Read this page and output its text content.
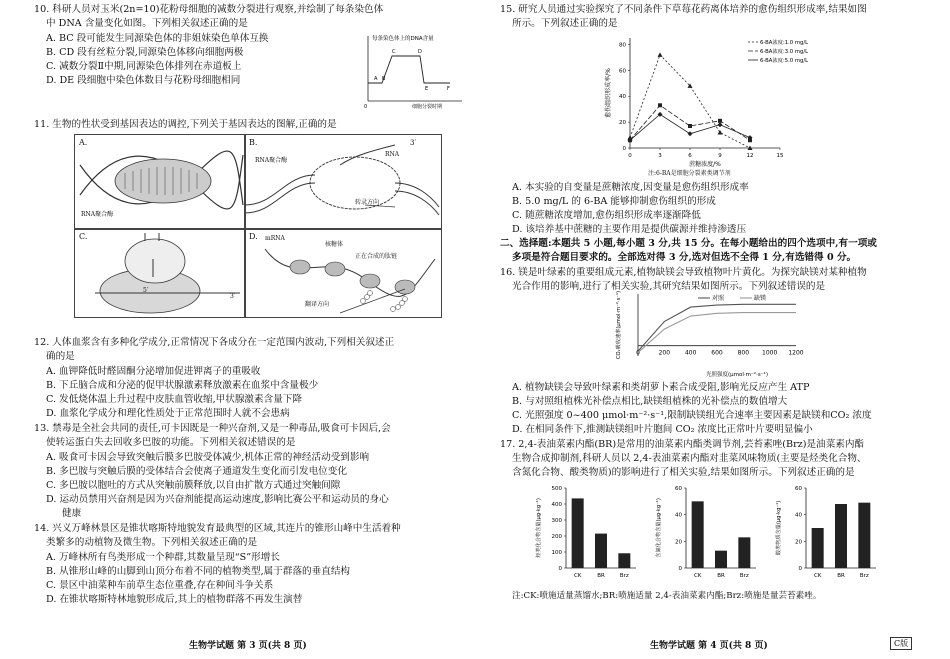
10. 科研人员对玉米(2n=10)花粉母细胞的减数分裂进行观察,并绘制了每条染色体
中 DNA 含量变化如图。下列相关叙述正确的是
A. BC 段可能发生同源染色体的非姐妹染色单体互换
B. CD 段有丝粒分裂,同源染色体移向细胞两极
C. 减数分裂Ⅱ中期,同源染色体排列在赤道板上
D. DE 段细胞中染色体数目与花粉母细胞相同
每条染色体上的DNA含量
细胞分裂时期
0
A B
C	D
E	F
11. 生物的性状受到基因表达的调控,下列关于基因表达的图解,正确的是
A.
RNA聚合酶
B.
RNA聚合酶
RNA
3′
转录方向
C.
5′
3′
D. mRNA
核糖体
正在合成的肽链
翻译方向
12. 人体血浆含有多种化学成分,正常情况下各成分在一定范围内波动,下列相关叙述正
确的是
A. 血钾降低时醛固酮分泌增加促进钾离子的重吸收
B. 下丘脑合成和分泌的促甲状腺激素释放激素在血浆中含量极少
C. 发低烧体温上升过程中皮肤血管收缩,甲状腺激素含量下降
D. 血浆化学成分和理化性质处于正常范围时人就不会患病
13. 禁毒是全社会共同的责任,可卡因既是一种兴奋剂,又是一种毒品,吸食可卡因后,会
使转运蛋白失去回收多巴胺的功能。下列相关叙述错误的是
A. 吸食可卡因会导致突触后膜多巴胺受体减少,机体正常的神经活动受到影响
B. 多巴胺与突触后膜的受体结合会使离子通道发生变化而引发电位变化
C. 多巴胺以胞吐的方式从突触前膜释放,以自由扩散方式通过突触间隙
D. 运动员禁用兴奋剂是因为兴奋剂能提高运动速度,影响比赛公平和运动员的身心
健康
14. 兴义万峰林景区是锥状喀斯特地貌发育最典型的区域,其连片的锥形山峰中生活着种
类繁多的动植物及微生物。下列相关叙述正确的是
A. 万峰林所有鸟类形成一个种群,其数量呈现“S”形增长
B. 从锥形山峰的山脚到山顶分布着不同的植物类型,属于群落的垂直结构
C. 景区中油菜种车前草生态位重叠,存在种间斗争关系
D. 在锥状喀斯特林地貌形成后,其上的植物群落不再发生演替
生物学试题 第 3 页(共 8 页)
15. 研究人员通过实验探究了不同条件下草莓花药离体培养的愈伤组织形成率,结果如图
所示。下列叙述正确的是
0	3	6	9	12	15
0
20
40
60
80
蔗糖浓度/%
愈伤组织形成率/%
6-BA浓度:1.0 mg/L
6-BA浓度:3.0 mg/L
6-BA浓度:5.0 mg/L
注:6-BA是细胞分裂素类调节剂
A. 本实验的自变量是蔗糖浓度,因变量是愈伤组织形成率
B. 5.0 mg/L 的 6-BA 能够抑制愈伤组织的形成
C. 随蔗糖浓度增加,愈伤组织形成率逐渐降低
D. 该培养基中蔗糖的主要作用是提供碳源并维持渗透压
二、选择题:本题共 5 小题,每小题 3 分,共 15 分。在每小题给出的四个选项中,有一项或
多项是符合题目要求的。全部选对得 3 分,选对但选不全得 1 分,有选错得 0 分。
16. 镁是叶绿素的重要组成元素,植物缺镁会导致植物叶片黄化。为探究缺镁对某种植物
光合作用的影响,进行了相关实验,其研究结果如图所示。下列叙述错误的是
0	200 400 600 800 1000 1200
光照强度(μmol·m⁻²·s⁻¹)
CO₂吸收速率(μmol·m⁻²·s⁻¹)	对照	缺镁
A. 植物缺镁会导致叶绿素和类胡萝卜素合成受阻,影响光反应产生 ATP
B. 与对照组植株光补偿点相比,缺镁组植株的光补偿点的数值增大
C. 光照强度 0~400 μmol·m⁻²·s⁻¹,限制缺镁组光合速率主要因素是缺镁和CO₂ 浓度
D. 在相同条件下,推测缺镁组叶片胞间 CO₂ 浓度比正常叶片要明显偏小
17. 2,4-表油菜素内酯(BR)是常用的油菜素内酯类调节剂,芸苔素唑(Brz)是油菜素内酯
生物合成抑制剂,科研人员以 2,4-表油菜素内酯对韭菜风味物质(主要是烃类化合物、
含氮化合物、酸类物质)的影响进行了相关实验,结果如图所示。下列叙述正确的是
0
100
200
300
400
500
CK	BR	Brz
烃类化合物含量(μg·kg⁻¹)
0
20
40
60
CK	BR	Brz
含氮化合物含量(μg·kg⁻¹)
0
20
40
60
CK	BR	Brz
酸类物质含量(μg·kg⁻¹)
注:CK:喷施适量蒸馏水;BR:喷施适量 2,4-表油菜素内酯;Brz:喷施是量芸苔素唑。
生物学试题 第 4 页(共 8 页)	C版
